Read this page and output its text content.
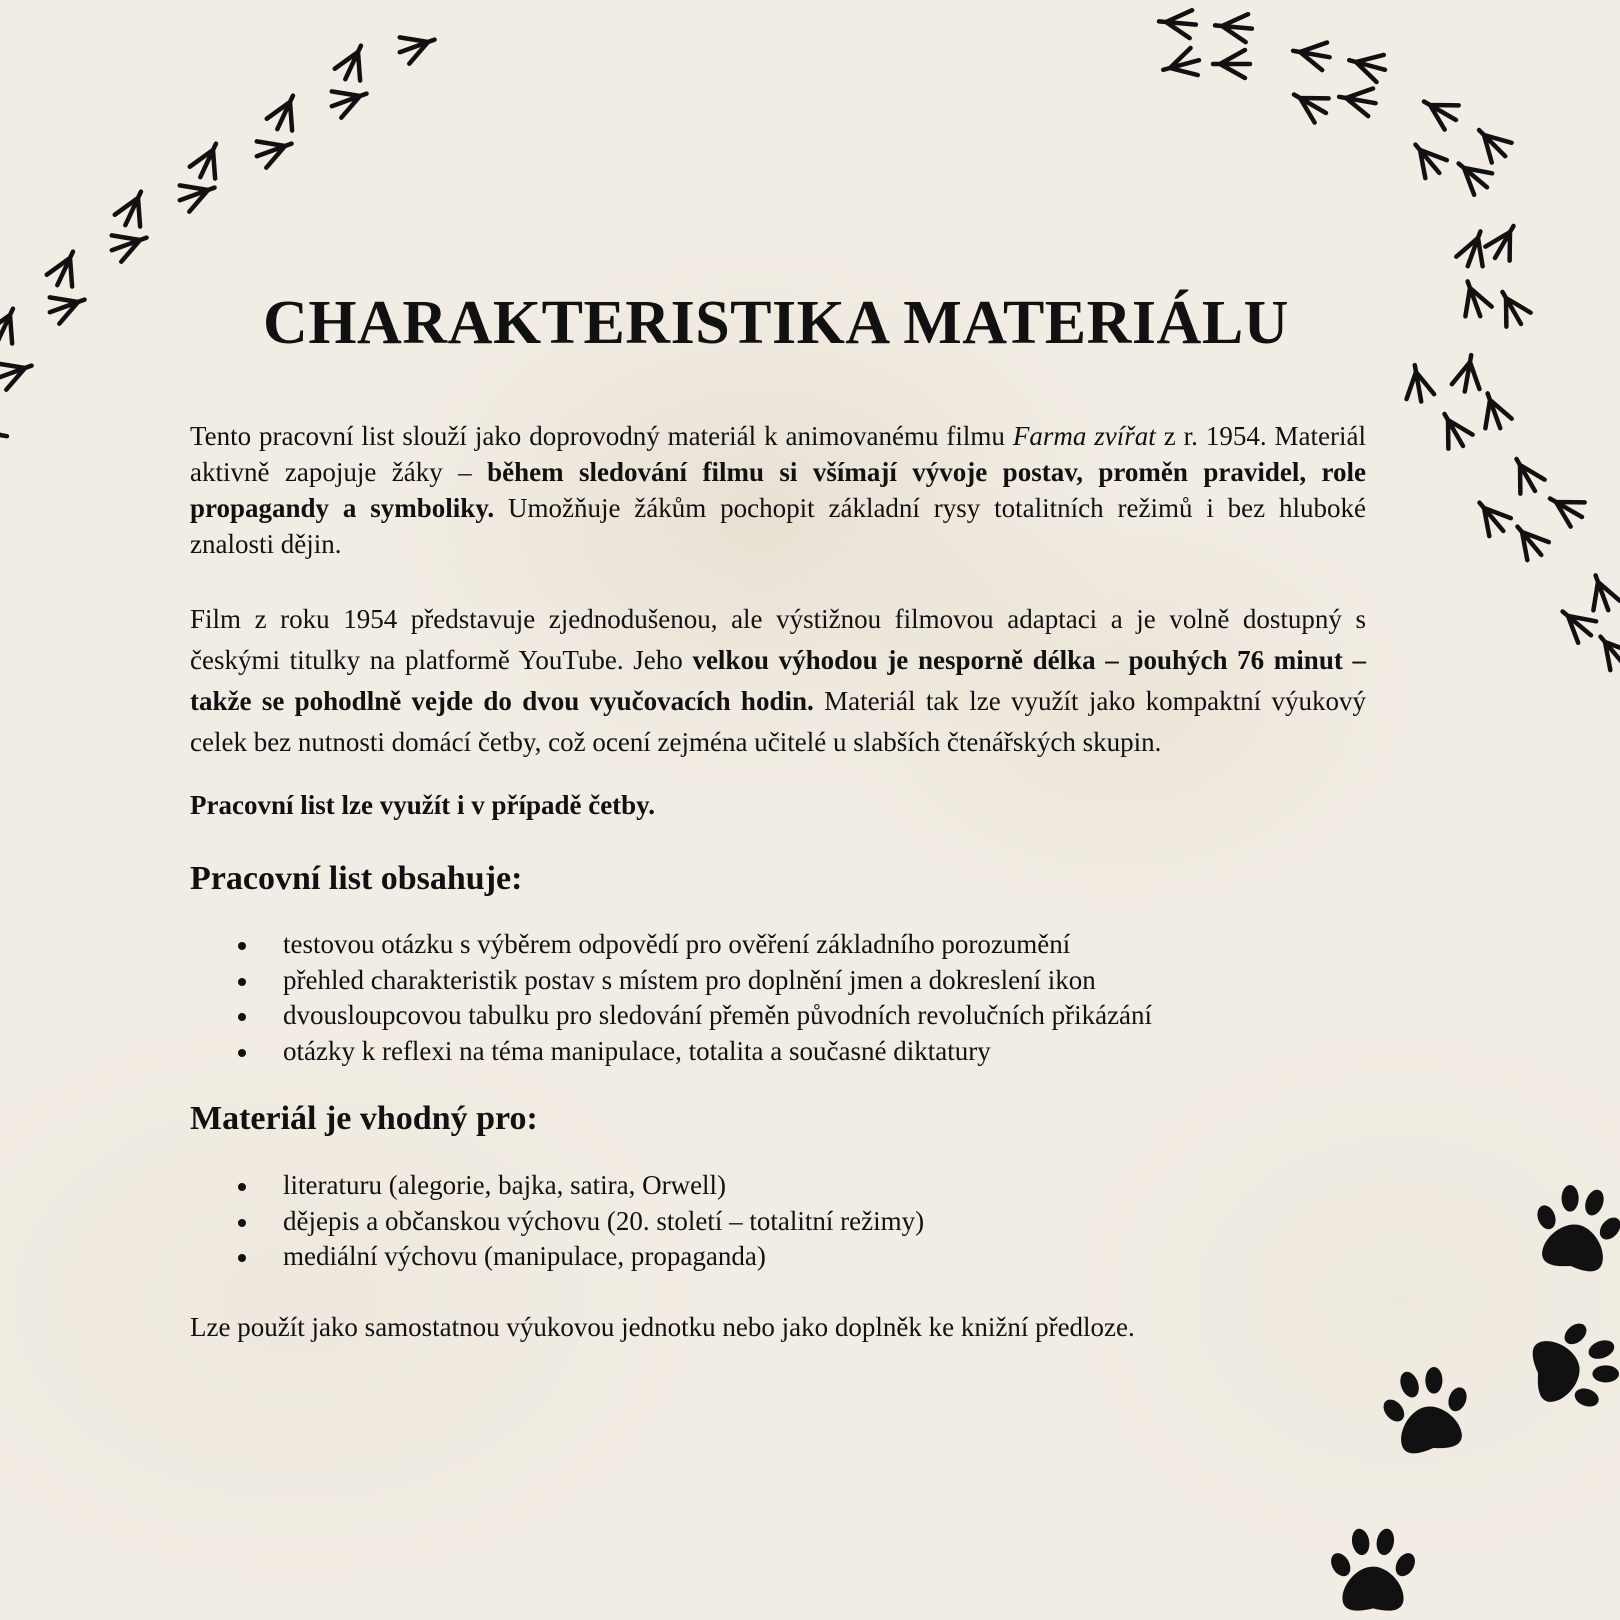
CHARAKTERISTIKA MATERIÁLU

Tento pracovní list slouží jako doprovodný materiál k animovanému filmu Farma zvířat z r. 1954. Materiál aktivně zapojuje žáky – během sledování filmu si všímají vývoje postav, proměn pravidel, role propagandy a symboliky. Umožňuje žákům pochopit základní rysy totalitních režimů i bez hluboké znalosti dějin.

Film z roku 1954 představuje zjednodušenou, ale výstižnou filmovou adaptaci a je volně dostupný s českými titulky na platformě YouTube. Jeho velkou výhodou je nesporně délka – pouhých 76 minut – takže se pohodlně vejde do dvou vyučovacích hodin. Materiál tak lze využít jako kompaktní výukový celek bez nutnosti domácí četby, což ocení zejména učitelé u slabších čtenářských skupin.

Pracovní list lze využít i v případě četby.

Pracovní list obsahuje:
testovou otázku s výběrem odpovědí pro ověření základního porozumění
přehled charakteristik postav s místem pro doplnění jmen a dokreslení ikon
dvousloupcovou tabulku pro sledování přeměn původních revolučních přikázání
otázky k reflexi na téma manipulace, totalita a současné diktatury
Materiál je vhodný pro:
literaturu (alegorie, bajka, satira, Orwell)
dějepis a občanskou výchovu (20. století – totalitní režimy)
mediální výchovu (manipulace, propaganda)

Lze použít jako samostatnou výukovou jednotku nebo jako doplněk ke knižní předloze.
